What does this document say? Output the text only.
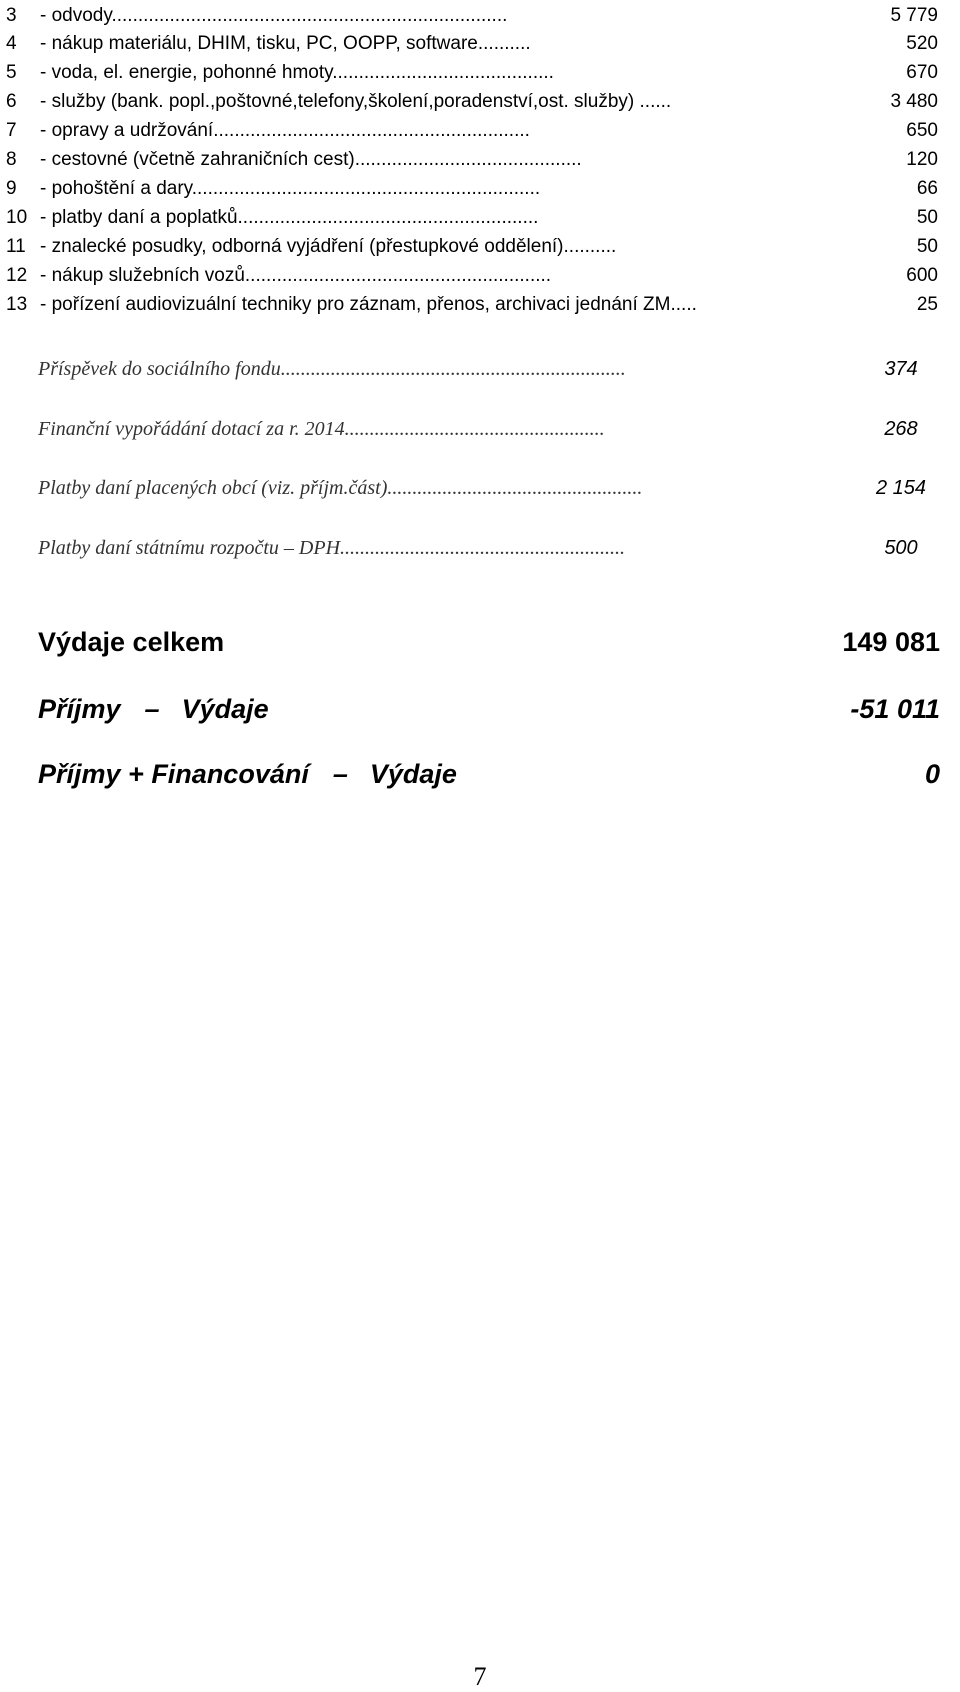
3	- odvody...........................................................................	5 779
4	- nákup materiálu, DHIM, tisku, PC, OOPP, software..........	520
5	- voda, el. energie, pohonné hmoty..........................................	670
6	- služby (bank. popl.,poštovné,telefony,školení,poradenství,ost. služby) ......	3 480
7	- opravy a udržování............................................................	650
8	- cestovné (včetně zahraničních cest)...........................................	120
9	- pohoštění a dary..................................................................	66
10 - platby daní a poplatků.........................................................	50
11 - znalecké posudky, odborná vyjádření (přestupkové oddělení)..........	50
12 - nákup služebních vozů..........................................................	600
13 - pořízení audiovizuální techniky pro záznam, přenos, archivaci jednání ZM.....	25
Příspěvek do sociálního fondu.....................................................................	374
Finanční vypořádání dotací za r. 2014....................................................	268
Platby daní placených obcí (viz. příjm.část)...................................................	2 154
Platby daní státnímu rozpočtu – DPH.........................................................	500
Výdaje celkem	149 081
Příjmy – Výdaje	-51 011
Příjmy + Financování – Výdaje	0
7
